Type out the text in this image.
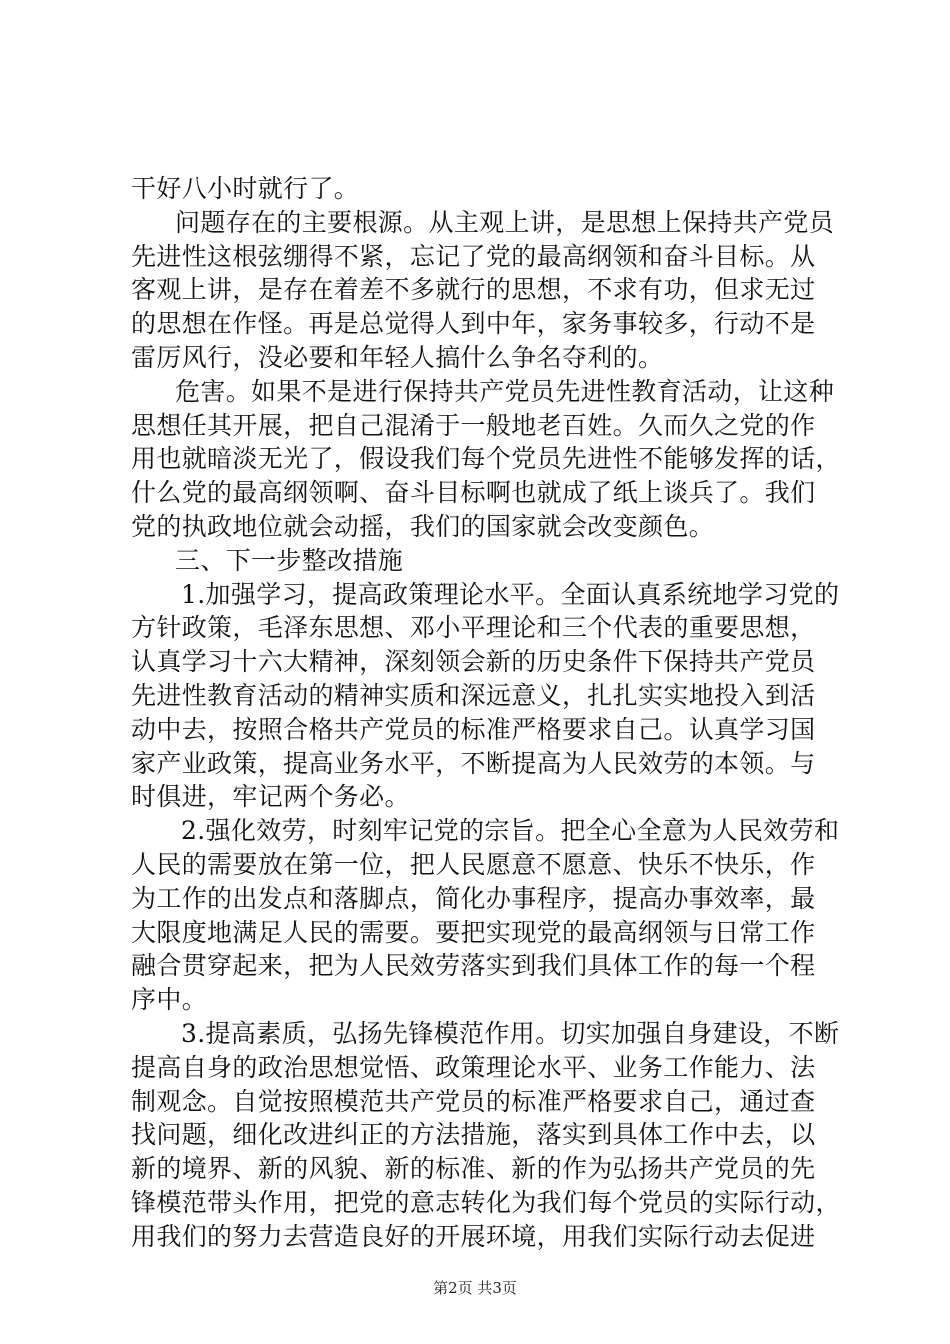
干好八小时就行了。
问题存在的主要根源。从主观上讲，是思想上保持共产党员
先进性这根弦绷得不紧，忘记了党的最高纲领和奋斗目标。从
客观上讲，是存在着差不多就行的思想，不求有功，但求无过
的思想在作怪。再是总觉得人到中年，家务事较多，行动不是
雷厉风行，没必要和年轻人搞什么争名夺利的。
危害。如果不是进行保持共产党员先进性教育活动，让这种
思想任其开展，把自己混淆于一般地老百姓。久而久之党的作
用也就暗淡无光了，假设我们每个党员先进性不能够发挥的话，
什么党的最高纲领啊、奋斗目标啊也就成了纸上谈兵了。我们
党的执政地位就会动摇，我们的国家就会改变颜色。
三、下一步整改措施
1.加强学习，提高政策理论水平。全面认真系统地学习党的
方针政策，毛泽东思想、邓小平理论和三个代表的重要思想，
认真学习十六大精神，深刻领会新的历史条件下保持共产党员
先进性教育活动的精神实质和深远意义，扎扎实实地投入到活
动中去，按照合格共产党员的标准严格要求自己。认真学习国
家产业政策，提高业务水平，不断提高为人民效劳的本领。与
时俱进，牢记两个务必。
2.强化效劳，时刻牢记党的宗旨。把全心全意为人民效劳和
人民的需要放在第一位，把人民愿意不愿意、快乐不快乐，作
为工作的出发点和落脚点，简化办事程序，提高办事效率，最
大限度地满足人民的需要。要把实现党的最高纲领与日常工作
融合贯穿起来，把为人民效劳落实到我们具体工作的每一个程
序中。
3.提高素质，弘扬先锋模范作用。切实加强自身建设，不断
提高自身的政治思想觉悟、政策理论水平、业务工作能力、法
制观念。自觉按照模范共产党员的标准严格要求自己，通过查
找问题，细化改进纠正的方法措施，落实到具体工作中去，以
新的境界、新的风貌、新的标准、新的作为弘扬共产党员的先
锋模范带头作用，把党的意志转化为我们每个党员的实际行动，
用我们的努力去营造良好的开展环境，用我们实际行动去促进
第2页 共3页
